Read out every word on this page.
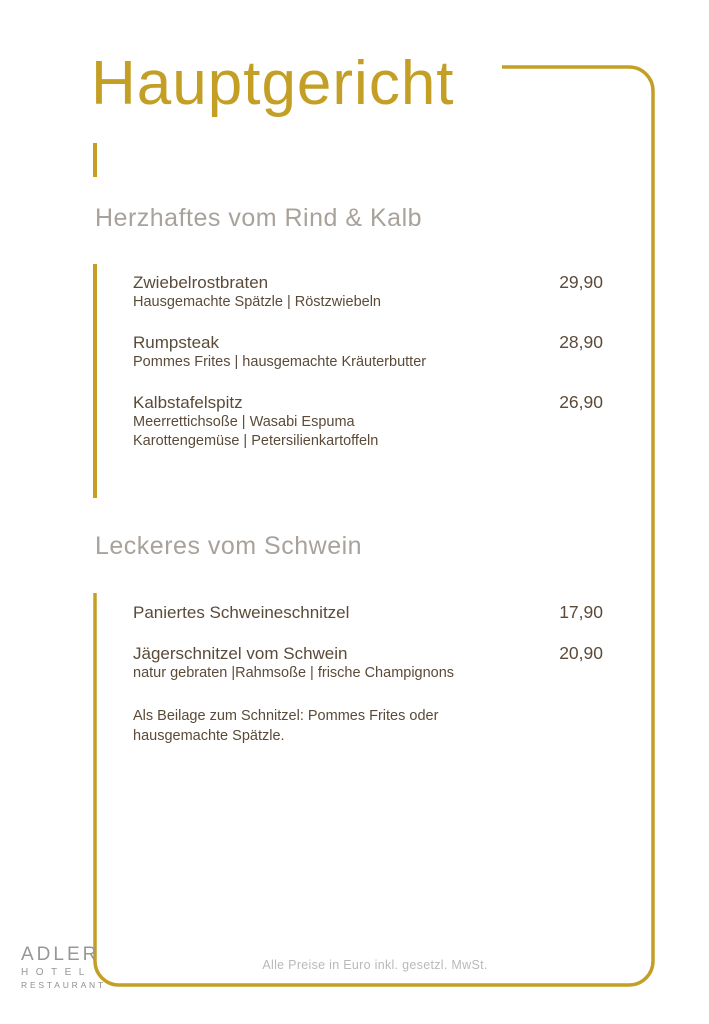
Hauptgericht
Herzhaftes vom Rind & Kalb
Zwiebelrostbraten
Hausgemachte Spätzle | Röstzwiebeln
29,90
Rumpsteak
Pommes Frites | hausgemachte Kräuterbutter
28,90
Kalbstafelspitz
Meerrettichsoße | Wasabi Espuma
Karottengemüse | Petersilienkartoffeln
26,90
Leckeres vom Schwein
Paniertes Schweineschnitzel	17,90
Jägerschnitzel vom Schwein
natur gebraten |Rahmsoße | frische Champignons
20,90
Als Beilage zum Schnitzel: Pommes Frites oder
hausgemachte Spätzle.
ADLER
HOTEL
RESTAURANT
Alle Preise in Euro inkl. gesetzl. MwSt.
